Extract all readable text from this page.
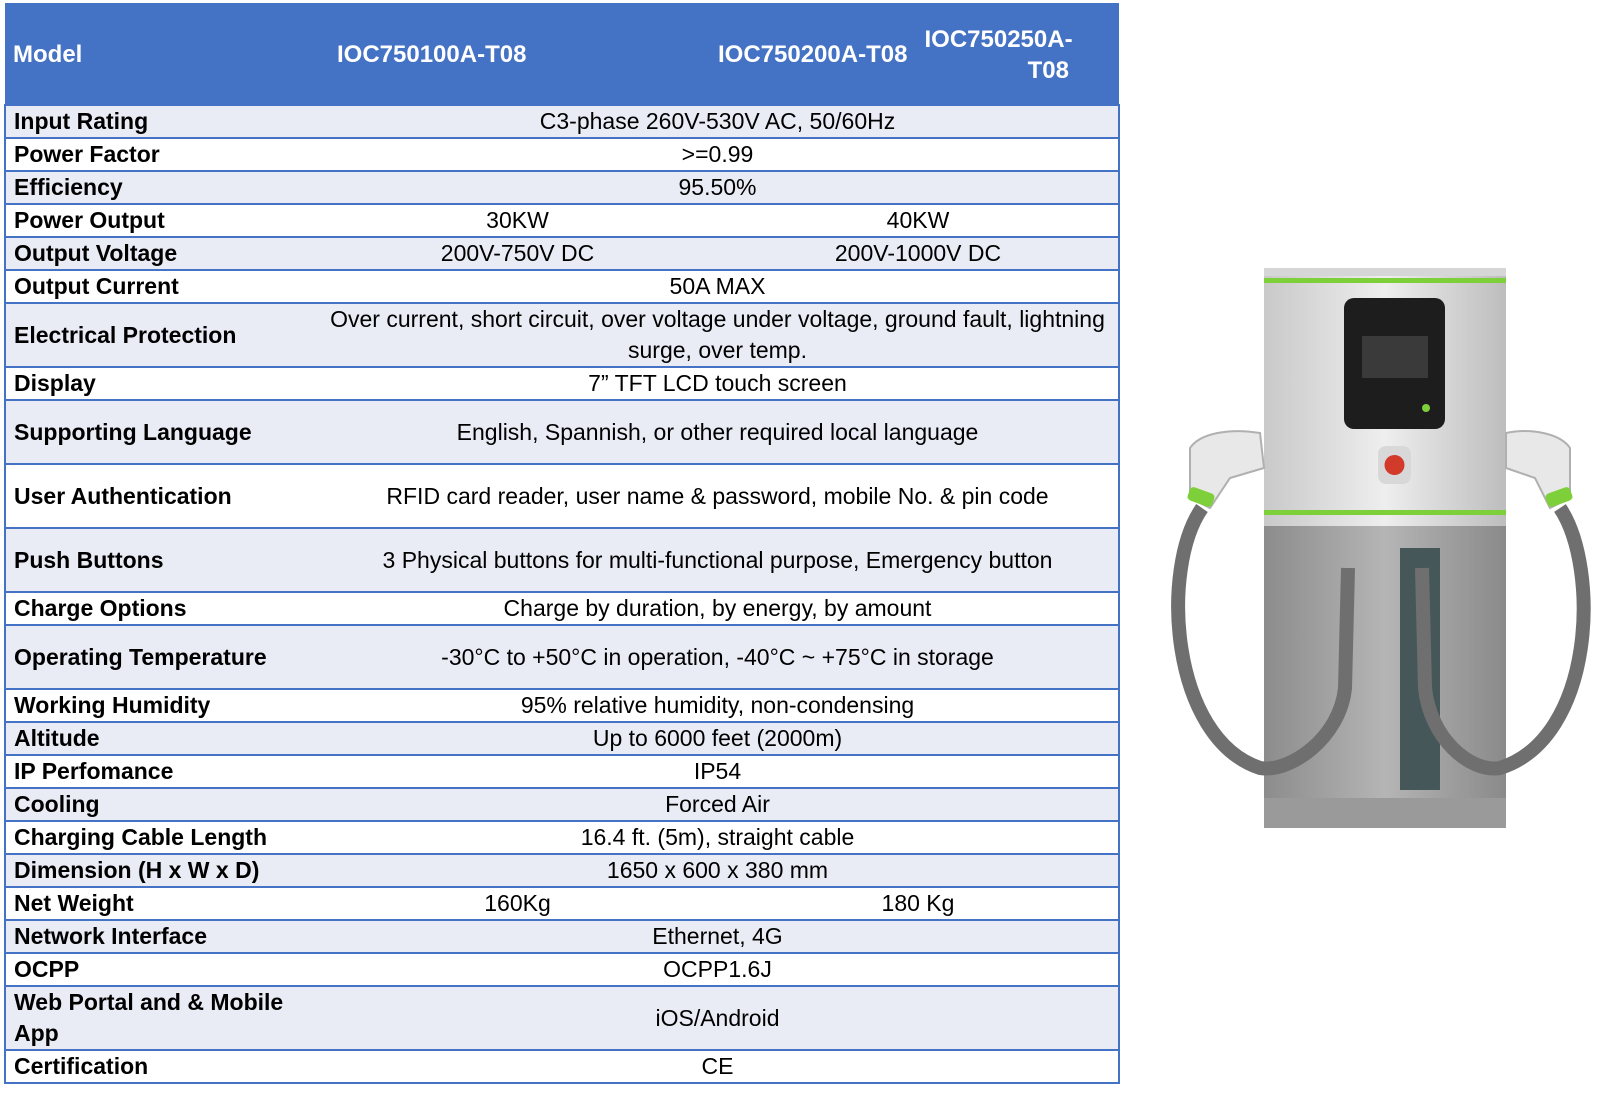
Model	IOC750100A-T08	IOC750200A-T08	IOC750250A-T08
Input Rating	C3-phase 260V-530V AC, 50/60Hz		
Power Factor	>=0.99		
Efficiency	95.50%		
Power Output	30KW	40KW	
Output Voltage	200V-750V DC	200V-1000V DC	
Output Current	50A MAX		
Electrical Protection	Over current, short circuit, over voltage under voltage, ground fault, lightning surge, over temp.		
Display	7” TFT LCD touch screen		
Supporting Language	English, Spannish, or other required local language		
User Authentication	RFID card reader, user name & password, mobile No. & pin code		
Push Buttons	3 Physical buttons for multi-functional purpose, Emergency button		
Charge Options	Charge by duration, by energy, by amount		
Operating Temperature	-30°C to +50°C in operation, -40°C ~ +75°C in storage		
Working Humidity	95% relative humidity, non-condensing		
Altitude	Up to 6000 feet (2000m)		
IP Perfomance	IP54		
Cooling	Forced Air		
Charging Cable Length	16.4 ft. (5m), straight cable		
Dimension (H x W x D)	1650 x 600 x 380 mm		
Net Weight	160Kg	180 Kg	
Network Interface	Ethernet, 4G		
OCPP	OCPP1.6J		
Web Portal and & Mobile App	iOS/Android		
Certification	CE		
